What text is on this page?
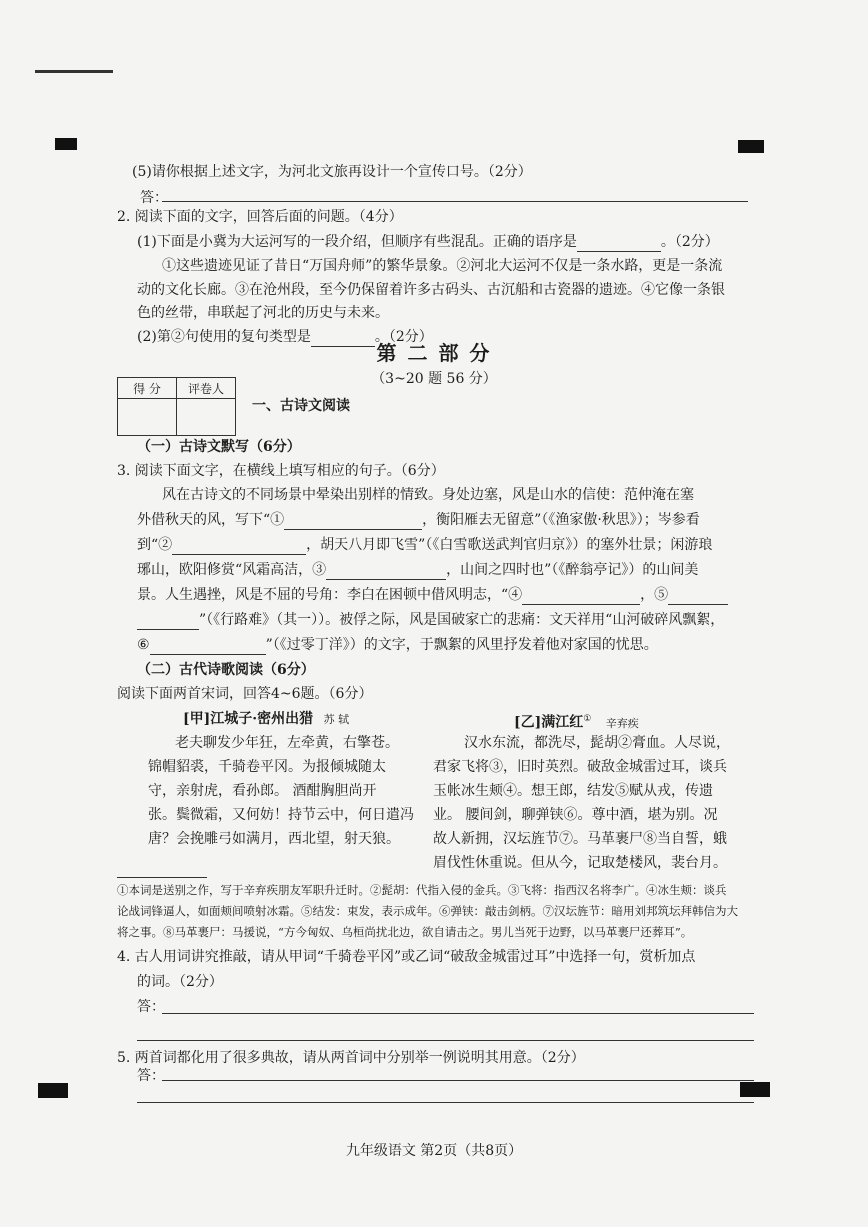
(5)请你根据上述文字，为河北文旅再设计一个宣传口号。（2分）
答：
2. 阅读下面的文字，回答后面的问题。（4分）
(1)下面是小冀为大运河写的一段介绍，但顺序有些混乱。正确的语序是	。（2分）
①这些遗迹见证了昔日“万国舟师”的繁华景象。②河北大运河不仅是一条水路，更是一条流
动的文化长廊。③在沧州段，至今仍保留着许多古码头、古沉船和古瓷器的遗迹。④它像一条银
色的丝带，串联起了河北的历史与未来。
(2)第②句使用的复句类型是	。（2分）
第 二 部 分
（3~20 题 56 分）
得 分	评卷人

一、古诗文阅读
（一）古诗文默写（6分）
3. 阅读下面文字，在横线上填写相应的句子。（6分）
风在古诗文的不同场景中晕染出别样的情致。身处边塞，风是山水的信使：范仲淹在塞
外借秋天的风，写下“①	，衡阳雁去无留意”（《渔家傲·秋思》）；岑参看
到“②	，胡天八月即飞雪”（《白雪歌送武判官归京》）的塞外壮景；闲游琅
琊山，欧阳修赏“风霜高洁，③	，山间之四时也”（《醉翁亭记》）的山间美
景。人生遇挫，风是不屈的号角：李白在困顿中借风明志，“④	，⑤
”（《行路难》（其一））。被俘之际，风是国破家亡的悲痛：文天祥用“山河破碎风飘絮，
⑥	”（《过零丁洋》）的文字，于飘絮的风里抒发着他对家国的忧思。
（二）古代诗歌阅读（6分）
阅读下面两首宋词，回答4~6题。（6分）
[甲]江城子·密州出猎 苏 轼
老夫聊发少年狂，左牵黄，右擎苍。
锦帽貂裘，千骑卷平冈。为报倾城随太
守，亲射虎，看孙郎。 酒酣胸胆尚开
张。鬓微霜，又何妨！持节云中，何日遣冯
唐？会挽雕弓如满月，西北望，射天狼。
[乙]满江红① 辛弃疾
汉水东流，都洗尽，髭胡②膏血。人尽说，
君家飞将③，旧时英烈。破敌金城雷过耳，谈兵
玉帐冰生颊④。想王郎，结发⑤赋从戎，传遗
业。 腰间剑，聊弹铗⑥。尊中酒，堪为别。况
故人新拥，汉坛旌节⑦。马革裹尸⑧当自誓，蛾
眉伐性休重说。但从今，记取楚楼风，裴台月。
①本词是送别之作，写于辛弃疾朋友军职升迁时。②髭胡：代指入侵的金兵。③飞将：指西汉名将李广。④冰生颊：谈兵
论战词锋逼人，如面颊间喷射冰霜。⑤结发：束发，表示成年。⑥弹铗：敲击剑柄。⑦汉坛旌节：暗用刘邦筑坛拜韩信为大
将之事。⑧马革裹尸：马援说，“方今匈奴、乌桓尚扰北边，欲自请击之。男儿当死于边野，以马革裹尸还葬耳”。
4. 古人用词讲究推敲，请从甲词“千骑卷平冈”或乙词“破敌金城雷过耳”中选择一句，赏析加点
的词。（2分）
答：
5. 两首词都化用了很多典故，请从两首词中分别举一例说明其用意。（2分）
答：
九年级语文 第2页（共8页）
